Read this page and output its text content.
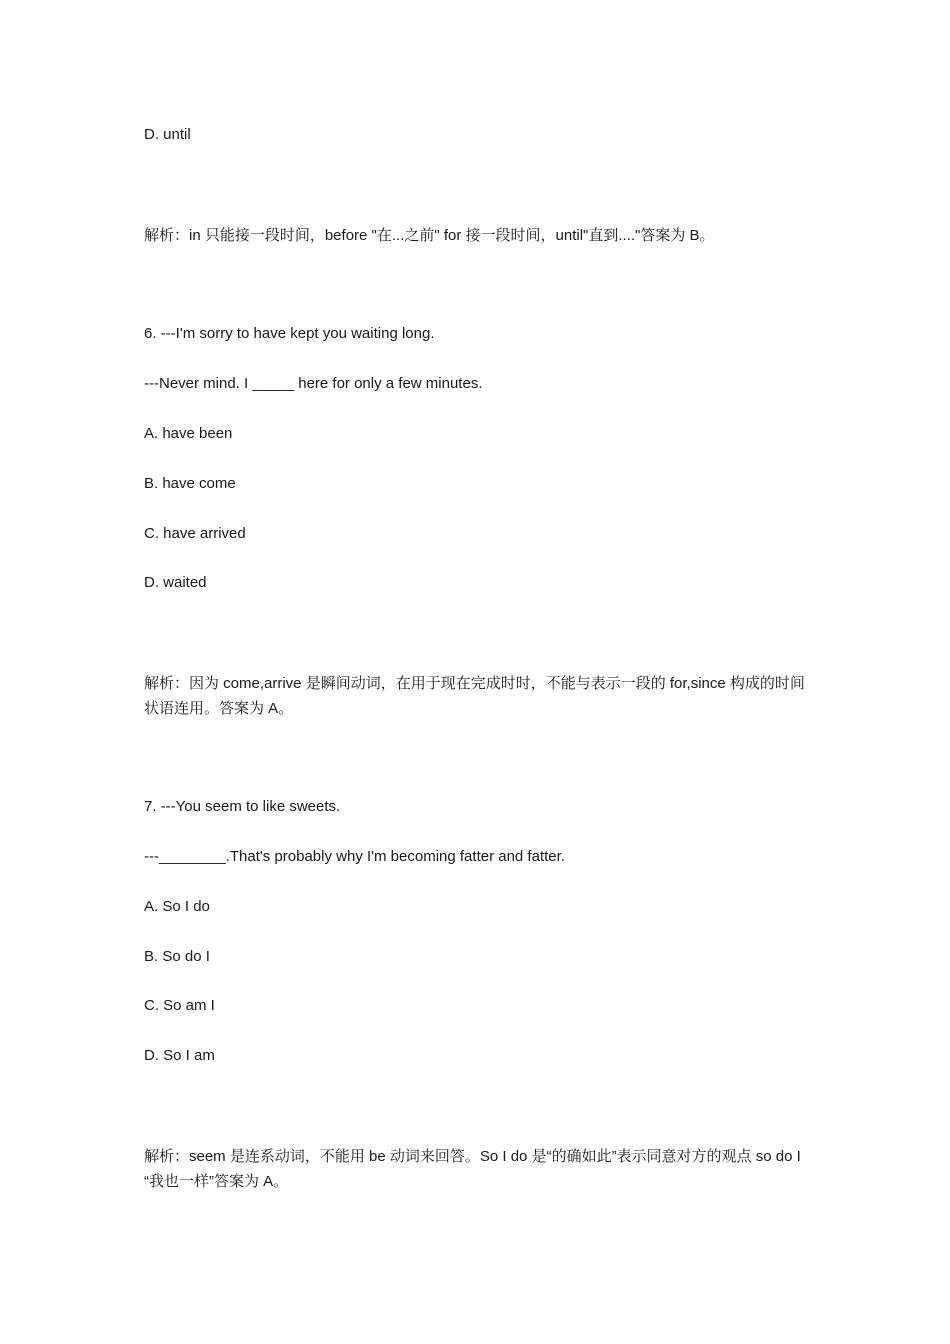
D. until
解析：in 只能接一段时间，before "在...之前" for 接一段时间，until"直到...."答案为 B。
6. ---I'm sorry to have kept you waiting long.
---Never mind. I _____ here for only a few minutes.
A. have been
B. have come
C. have arrived
D. waited
解析：因为 come,arrive 是瞬间动词，在用于现在完成时时，不能与表示一段的 for,since 构成的时间状语连用。答案为 A。
7. ---You seem to like sweets.
---________.That's probably why I'm becoming fatter and fatter.
A. So I do
B. So do I
C. So am I
D. So I am
解析：seem 是连系动词，不能用 be 动词来回答。So I do 是“的确如此”表示同意对方的观点 so do I “我也一样”答案为 A。
